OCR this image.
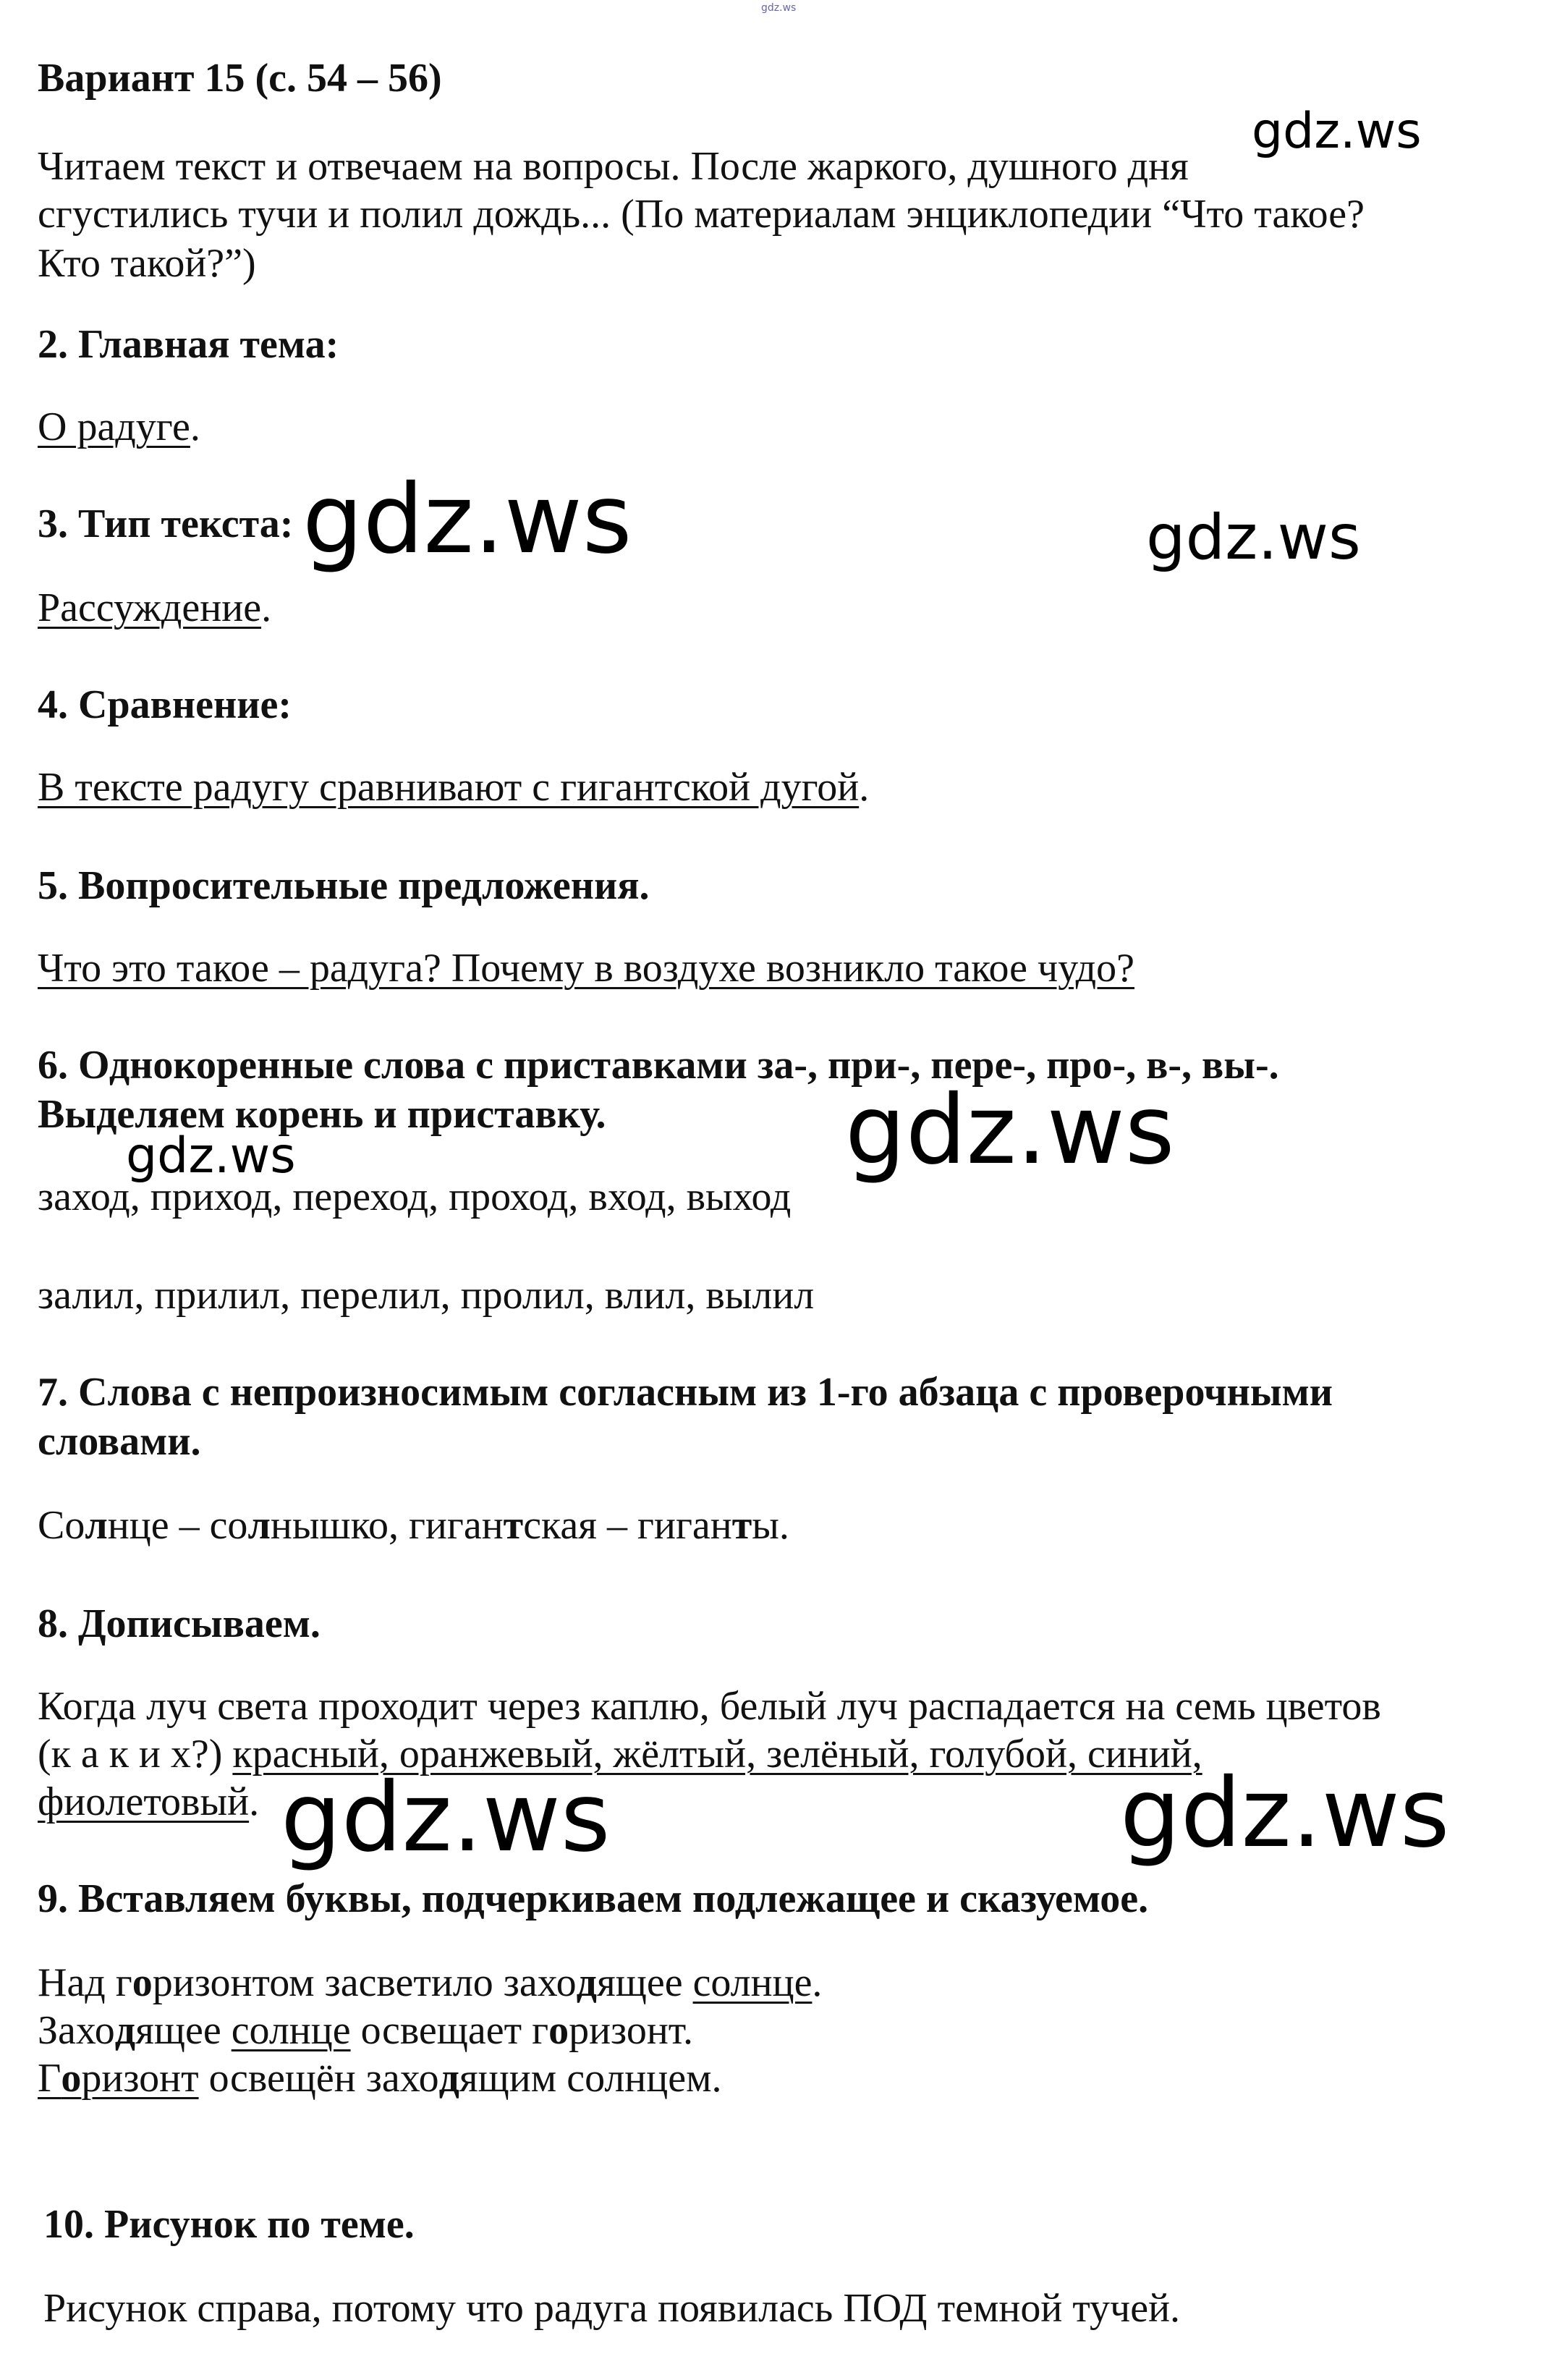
gdz.ws
gdz.ws
gdz.ws	gdz.ws
gdz.ws	gdz.ws
gdz.ws	gdz.ws
Вариант 15 (с. 54 – 56)
Читаем текст и отвечаем на вопросы. После жаркого, душного дня
сгустились тучи и полил дождь... (По материалам энциклопедии “Что такое?
Кто такой?”)
2. Главная тема:
О радуге.
3. Тип текста:
Рассуждение.
4. Сравнение:
В тексте радугу сравнивают с гигантской дугой.
5. Вопросительные предложения.
Что это такое – радуга? Почему в воздухе возникло такое чудо?
6. Однокоренные слова с приставками за-, при-, пере-, про-, в-, вы-.
Выделяем корень и приставку.
заход, приход, переход, проход, вход, выход
залил, прилил, перелил, пролил, влил, вылил
7. Слова с непроизносимым согласным из 1-го абзаца с проверочными
словами.
Солнце – солнышко, гигантская – гиганты.
8. Дописываем.
Когда луч света проходит через каплю, белый луч распадается на семь цветов
(к а к и х?) красный, оранжевый, жёлтый, зелёный, голубой, синий,
фиолетовый.
9. Вставляем буквы, подчеркиваем подлежащее и сказуемое.
Над горизонтом засветило заходящее солнце.
Заходящее солнце освещает горизонт.
Горизонт освещён заходящим солнцем.
10. Рисунок по теме.
Рисунок справа, потому что радуга появилась ПОД темной тучей.
